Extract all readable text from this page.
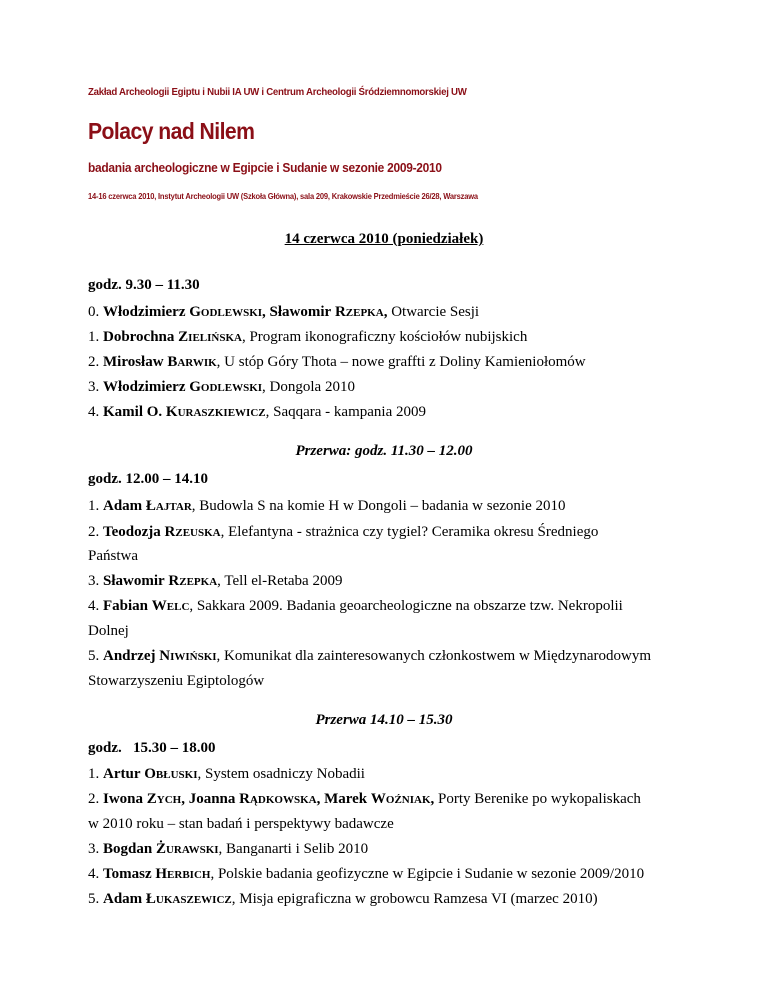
Zakład Archeologii Egiptu i Nubii IA UW i Centrum Archeologii Śródziemnomorskiej UW
Polacy nad Nilem
badania archeologiczne w Egipcie i Sudanie w sezonie 2009-2010
14-16 czerwca 2010, Instytut Archeologii UW (Szkoła Główna), sala 209, Krakowskie Przedmieście 26/28, Warszawa
14 czerwca 2010 (poniedziałek)
godz. 9.30 – 11.30
0. Włodzimierz Godlewski, Sławomir Rzepka, Otwarcie Sesji
1. Dobrochna Zielińska, Program ikonograficzny kościołów nubijskich
2. Mirosław Barwik, U stóp Góry Thota – nowe graffti z Doliny Kamieniołomów
3. Włodzimierz Godlewski, Dongola 2010
4. Kamil O. Kuraszkiewicz, Saqqara - kampania 2009
Przerwa: godz. 11.30 – 12.00
godz. 12.00 – 14.10
1. Adam Łajtar, Budowla S na komie H w Dongoli – badania w sezonie 2010
2. Teodozja Rzeuska, Elefantyna - strażnica czy tygiel? Ceramika okresu Średniego
Państwa
3. Sławomir Rzepka, Tell el-Retaba 2009
4. Fabian Welc, Sakkara 2009. Badania geoarcheologiczne na obszarze tzw. Nekropolii
Dolnej
5. Andrzej Niwiński, Komunikat dla zainteresowanych członkostwem w Międzynarodowym
Stowarzyszeniu Egiptologów
Przerwa 14.10 – 15.30
godz.   15.30 – 18.00
1. Artur Obłuski, System osadniczy Nobadii
2. Iwona Zych, Joanna Rądkowska, Marek Woźniak, Porty Berenike po wykopaliskach
w 2010 roku – stan badań i perspektywy badawcze
3. Bogdan Żurawski, Banganarti i Selib 2010
4. Tomasz Herbich, Polskie badania geofizyczne w Egipcie i Sudanie w sezonie 2009/2010
5. Adam Łukaszewicz, Misja epigraficzna w grobowcu Ramzesa VI (marzec 2010)
